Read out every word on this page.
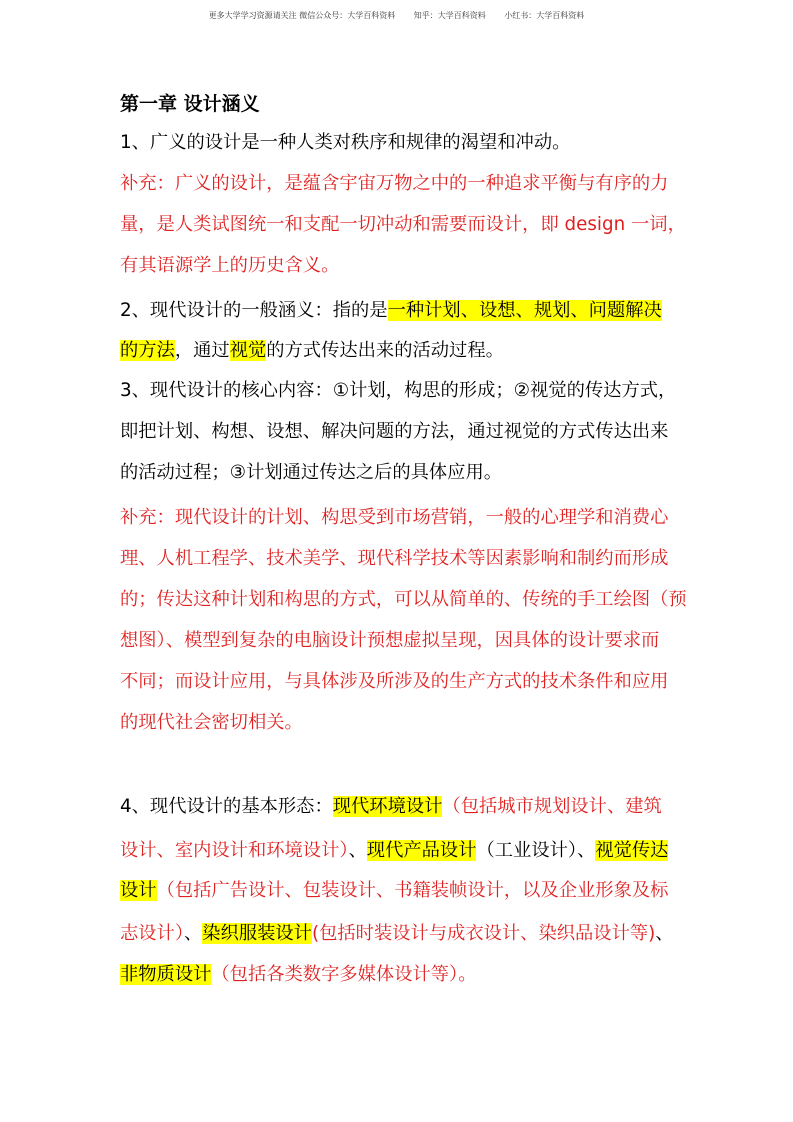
更多大学学习资源请关注 微信公众号：大学百科资料 知乎：大学百科资料 小红书：大学百科资料
第一章 设计涵义
1、广义的设计是一种人类对秩序和规律的渴望和冲动。
补充：广义的设计，是蕴含宇宙万物之中的一种追求平衡与有序的力
量，是人类试图统一和支配一切冲动和需要而设计，即 design 一词，
有其语源学上的历史含义。
2、现代设计的一般涵义：指的是一种计划、设想、规划、问题解决
的方法，通过视觉的方式传达出来的活动过程。
3、现代设计的核心内容：①计划，构思的形成；②视觉的传达方式，
即把计划、构想、设想、解决问题的方法，通过视觉的方式传达出来
的活动过程；③计划通过传达之后的具体应用。
补充：现代设计的计划、构思受到市场营销，一般的心理学和消费心
理、人机工程学、技术美学、现代科学技术等因素影响和制约而形成
的；传达这种计划和构思的方式，可以从简单的、传统的手工绘图（预
想图）、模型到复杂的电脑设计预想虚拟呈现，因具体的设计要求而
不同；而设计应用，与具体涉及所涉及的生产方式的技术条件和应用
的现代社会密切相关。
4、现代设计的基本形态：现代环境设计（包括城市规划设计、建筑
设计、室内设计和环境设计）、现代产品设计（工业设计）、视觉传达
设计（包括广告设计、包装设计、书籍装帧设计，以及企业形象及标
志设计）、染织服装设计(包括时装设计与成衣设计、染织品设计等)、
非物质设计（包括各类数字多媒体设计等）。
